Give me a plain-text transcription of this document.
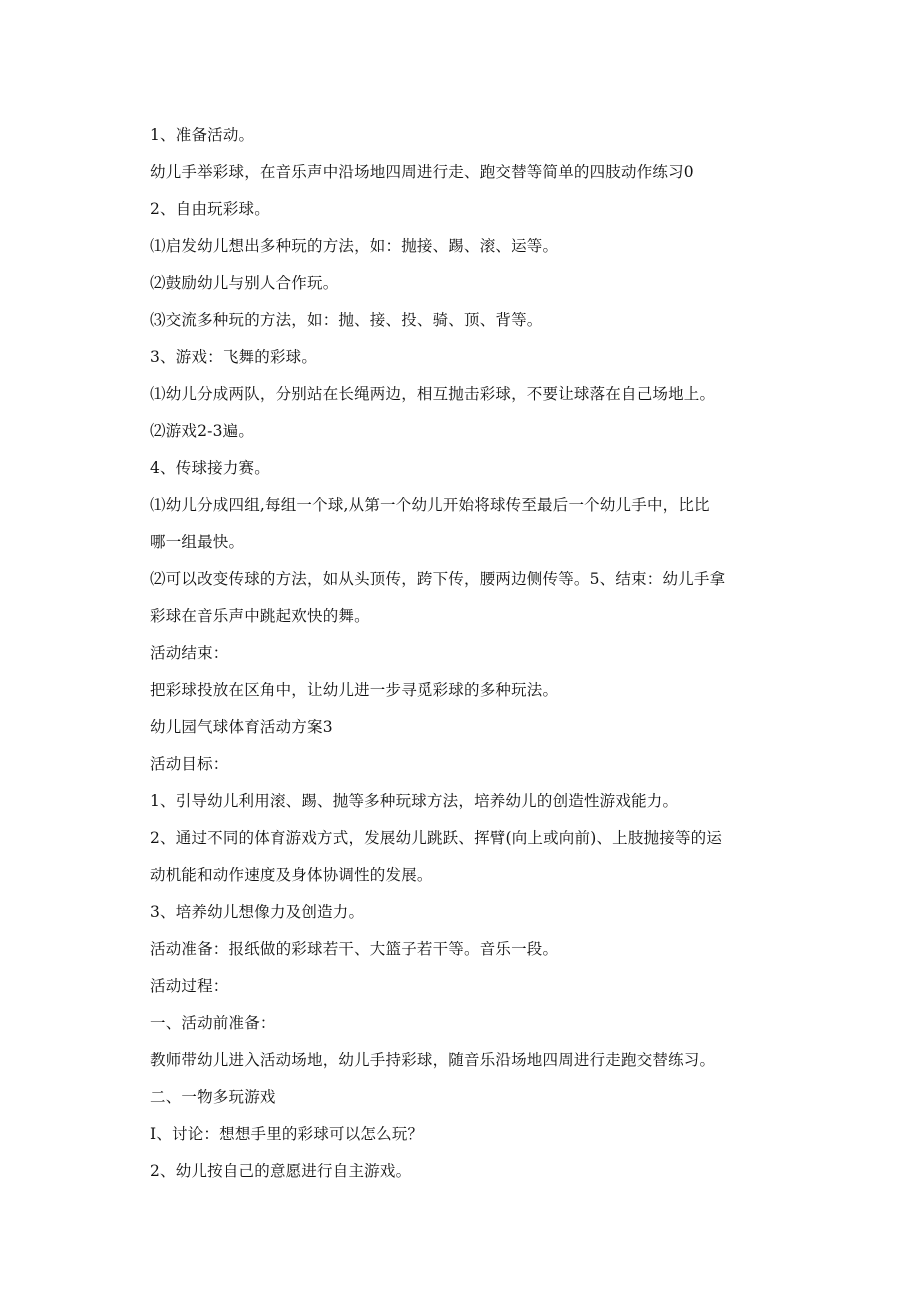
1、准备活动。

幼儿手举彩球，在音乐声中沿场地四周进行走、跑交替等简单的四肢动作练习0

2、自由玩彩球。

⑴启发幼儿想出多种玩的方法，如：抛接、踢、滚、运等。

⑵鼓励幼儿与别人合作玩。

⑶交流多种玩的方法，如：抛、接、投、骑、顶、背等。

3、游戏：飞舞的彩球。

⑴幼儿分成两队，分别站在长绳两边，相互抛击彩球，不要让球落在自己场地上。

⑵游戏2-3遍。

4、传球接力赛。

⑴幼儿分成四组,每组一个球,从第一个幼儿开始将球传至最后一个幼儿手中，比比

哪一组最快。

⑵可以改变传球的方法，如从头顶传，跨下传，腰两边侧传等。5、结束：幼儿手拿

彩球在音乐声中跳起欢快的舞。

活动结束：

把彩球投放在区角中，让幼儿进一步寻觅彩球的多种玩法。

幼儿园气球体育活动方案3

活动目标：

1、引导幼儿利用滚、踢、抛等多种玩球方法，培养幼儿的创造性游戏能力。

2、通过不同的体育游戏方式，发展幼儿跳跃、挥臂(向上或向前)、上肢抛接等的运

动机能和动作速度及身体协调性的发展。

3、培养幼儿想像力及创造力。

活动准备：报纸做的彩球若干、大篮子若干等。音乐一段。

活动过程：

一、活动前准备：

教师带幼儿进入活动场地，幼儿手持彩球，随音乐沿场地四周进行走跑交替练习。

二、一物多玩游戏

I、讨论：想想手里的彩球可以怎么玩？

2、幼儿按自己的意愿进行自主游戏。
